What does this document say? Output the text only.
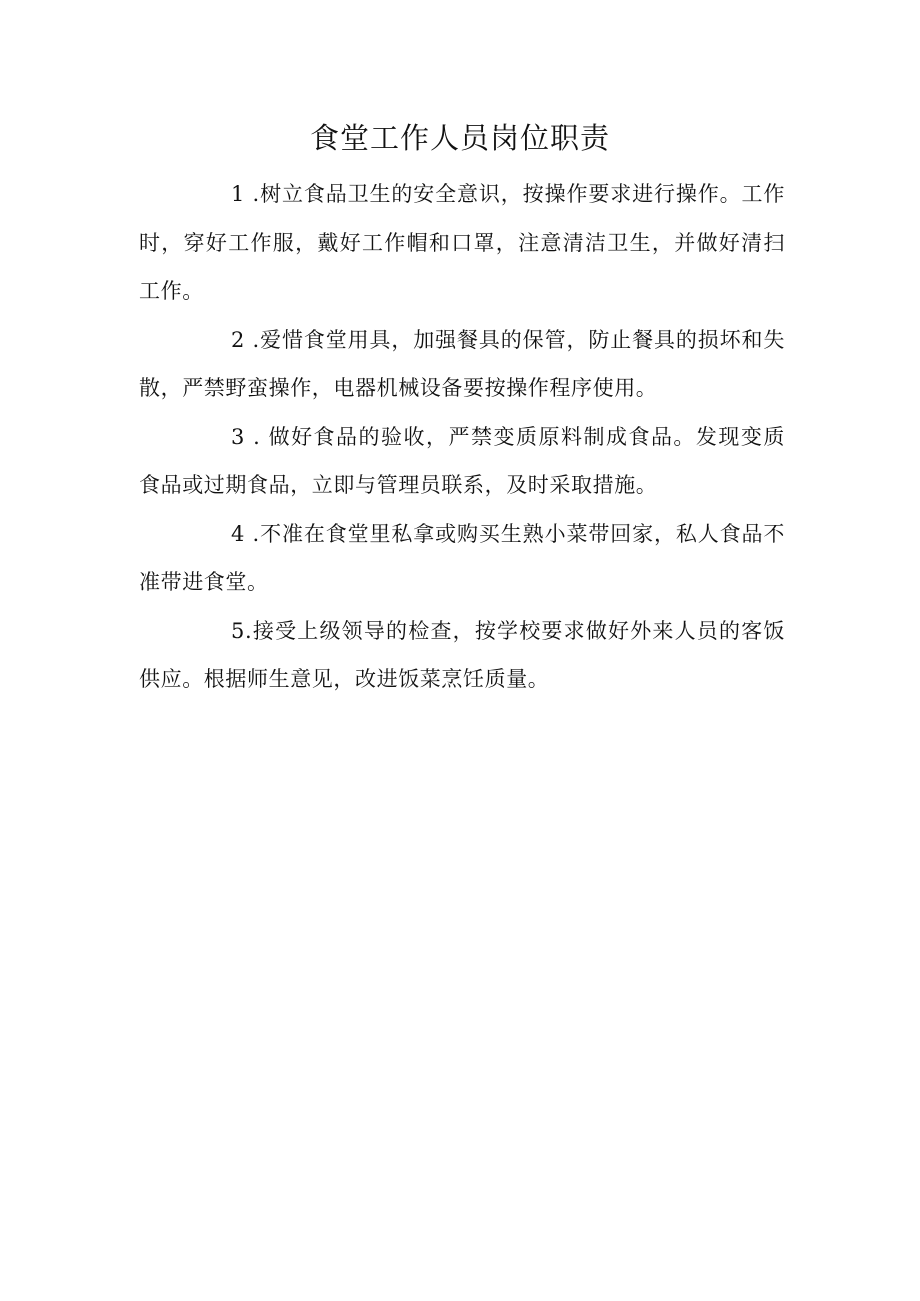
食堂工作人员岗位职责

1 .树立食品卫生的安全意识，按操作要求进行操作。工作时，穿好工作服，戴好工作帽和口罩，注意清洁卫生，并做好清扫工作。

2 .爱惜食堂用具，加强餐具的保管，防止餐具的损坏和失散，严禁野蛮操作，电器机械设备要按操作程序使用。

3 . 做好食品的验收，严禁变质原料制成食品。发现变质食品或过期食品，立即与管理员联系，及时采取措施。

4 .不准在食堂里私拿或购买生熟小菜带回家，私人食品不准带进食堂。

5.接受上级领导的检查，按学校要求做好外来人员的客饭供应。根据师生意见，改进饭菜烹饪质量。
